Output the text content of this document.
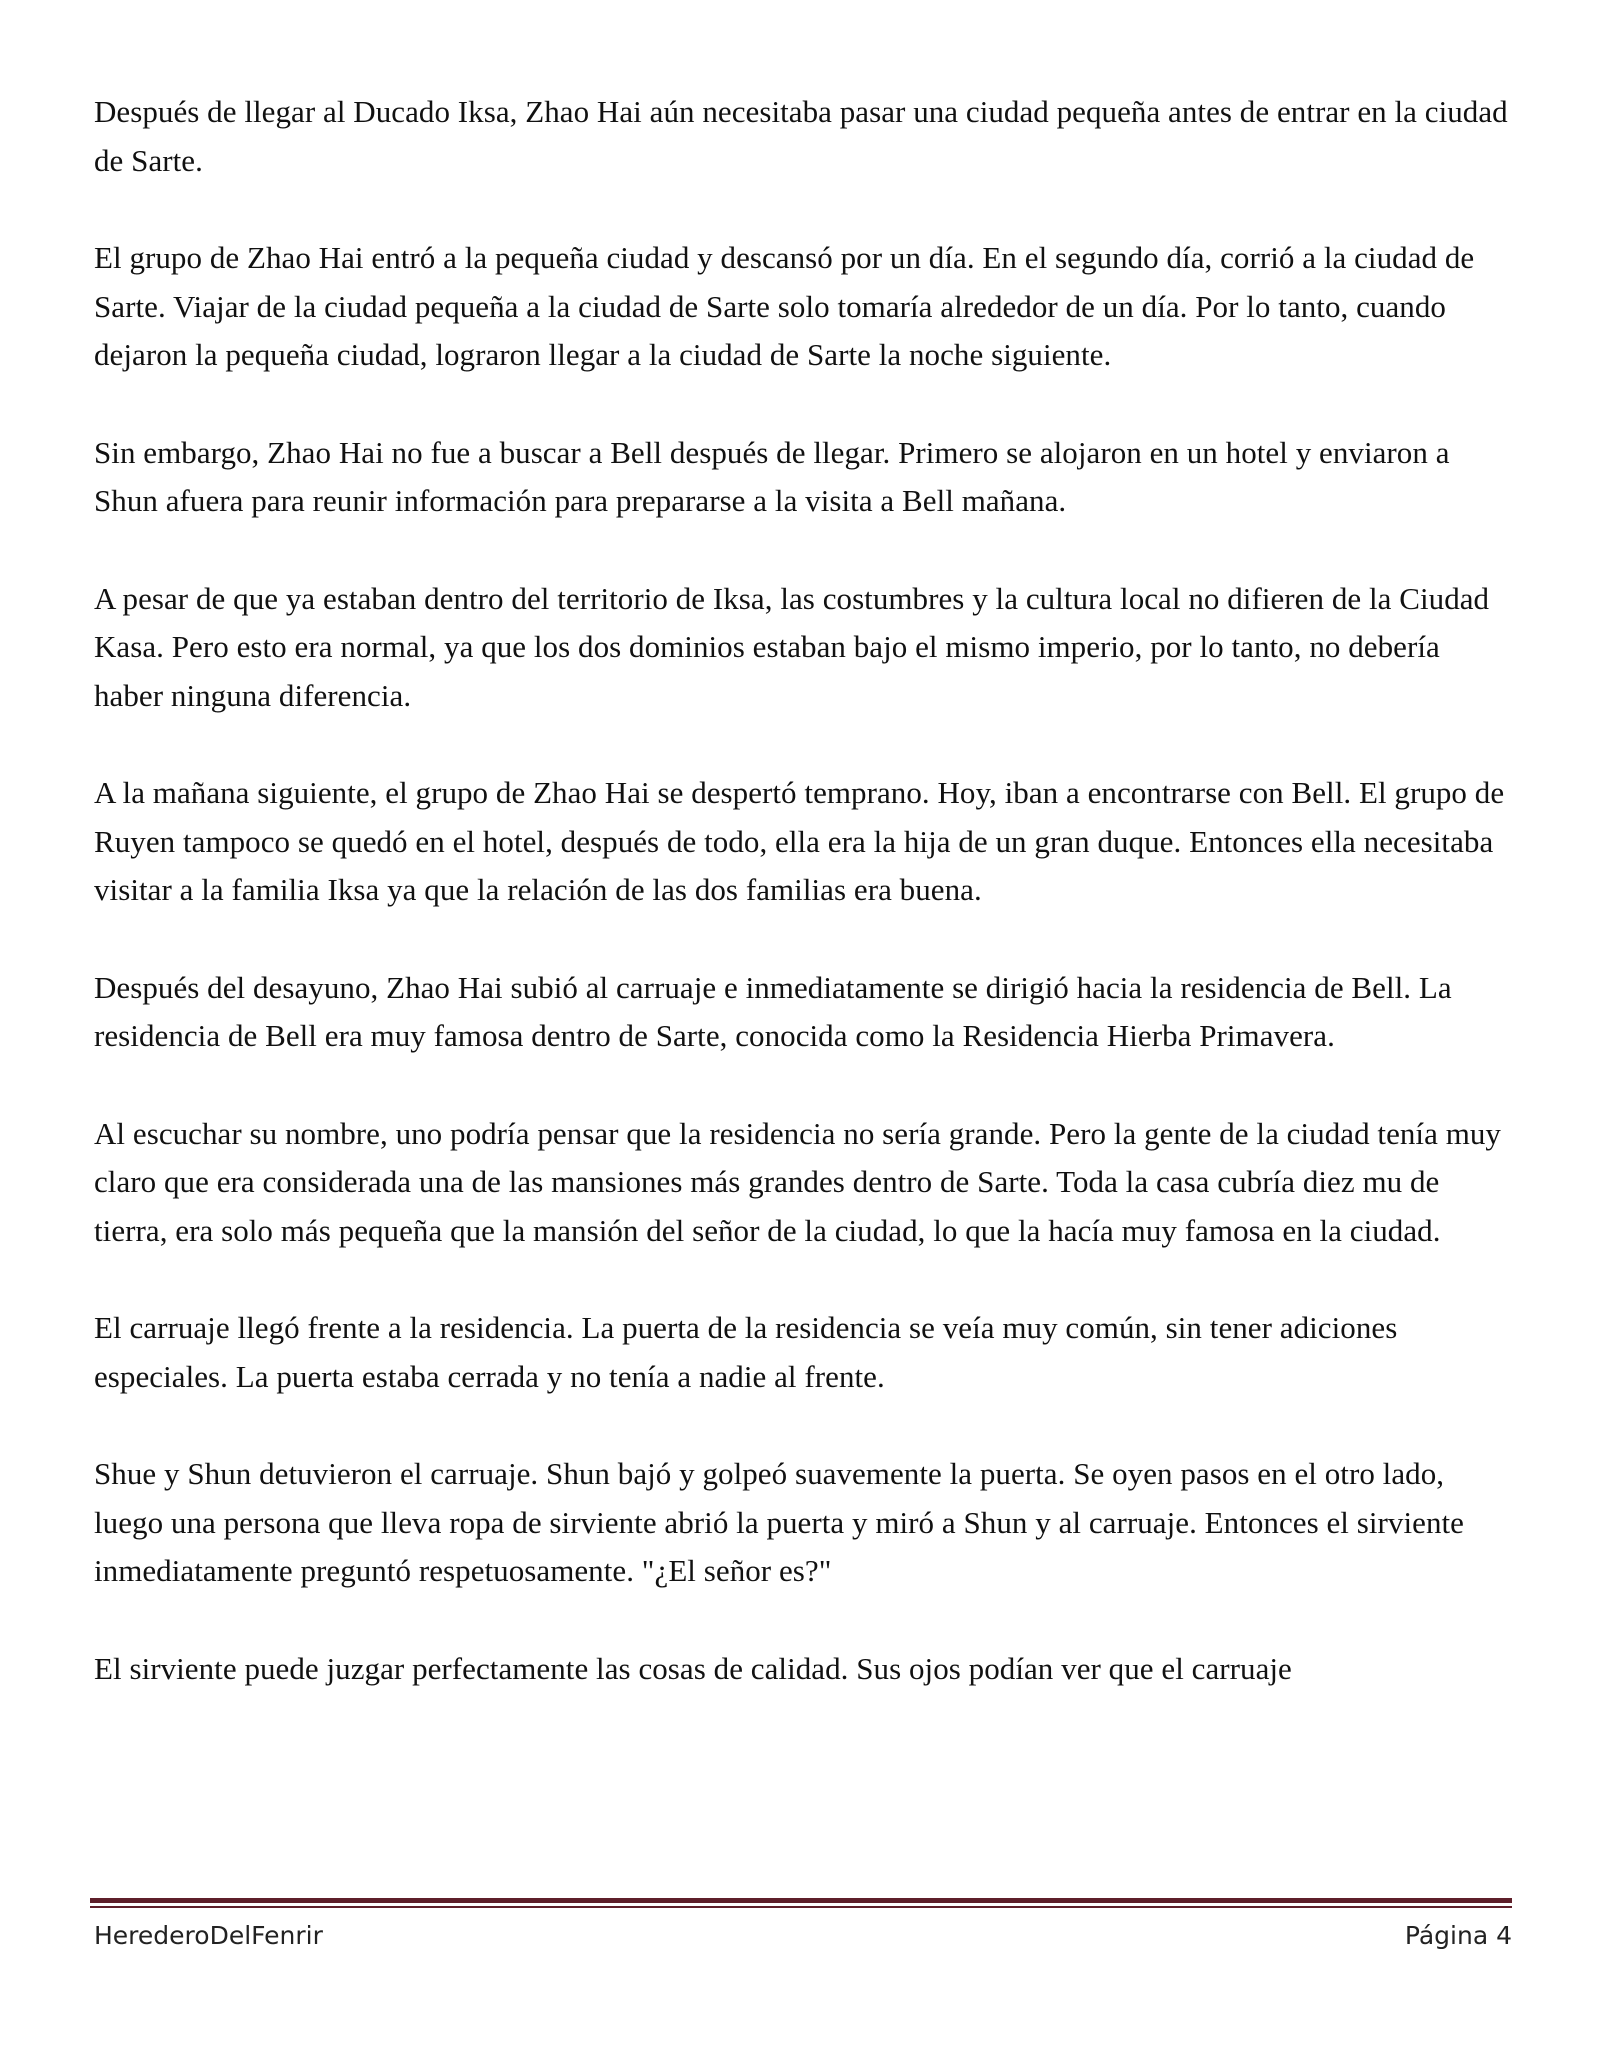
Después de llegar al Ducado Iksa, Zhao Hai aún necesitaba pasar una ciudad pequeña antes de entrar en la ciudad de Sarte.

El grupo de Zhao Hai entró a la pequeña ciudad y descansó por un día. En el segundo día, corrió a la ciudad de Sarte. Viajar de la ciudad pequeña a la ciudad de Sarte solo tomaría alrededor de un día. Por lo tanto, cuando dejaron la pequeña ciudad, lograron llegar a la ciudad de Sarte la noche siguiente.

Sin embargo, Zhao Hai no fue a buscar a Bell después de llegar. Primero se alojaron en un hotel y enviaron a Shun afuera para reunir información para prepararse a la visita a Bell mañana.

A pesar de que ya estaban dentro del territorio de Iksa, las costumbres y la cultura local no difieren de la Ciudad Kasa. Pero esto era normal, ya que los dos dominios estaban bajo el mismo imperio, por lo tanto, no debería haber ninguna diferencia.

A la mañana siguiente, el grupo de Zhao Hai se despertó temprano. Hoy, iban a encontrarse con Bell. El grupo de Ruyen tampoco se quedó en el hotel, después de todo, ella era la hija de un gran duque. Entonces ella necesitaba visitar a la familia Iksa ya que la relación de las dos familias era buena.

Después del desayuno, Zhao Hai subió al carruaje e inmediatamente se dirigió hacia la residencia de Bell. La residencia de Bell era muy famosa dentro de Sarte, conocida como la Residencia Hierba Primavera.

Al escuchar su nombre, uno podría pensar que la residencia no sería grande. Pero la gente de la ciudad tenía muy claro que era considerada una de las mansiones más grandes dentro de Sarte. Toda la casa cubría diez mu de tierra, era solo más pequeña que la mansión del señor de la ciudad, lo que la hacía muy famosa en la ciudad.

El carruaje llegó frente a la residencia. La puerta de la residencia se veía muy común, sin tener adiciones especiales. La puerta estaba cerrada y no tenía a nadie al frente.

Shue y Shun detuvieron el carruaje. Shun bajó y golpeó suavemente la puerta. Se oyen pasos en el otro lado, luego una persona que lleva ropa de sirviente abrió la puerta y miró a Shun y al carruaje. Entonces el sirviente inmediatamente preguntó respetuosamente. "¿El señor es?"

El sirviente puede juzgar perfectamente las cosas de calidad. Sus ojos podían ver que el carruaje

HerederoDelFenrir	Página 4
